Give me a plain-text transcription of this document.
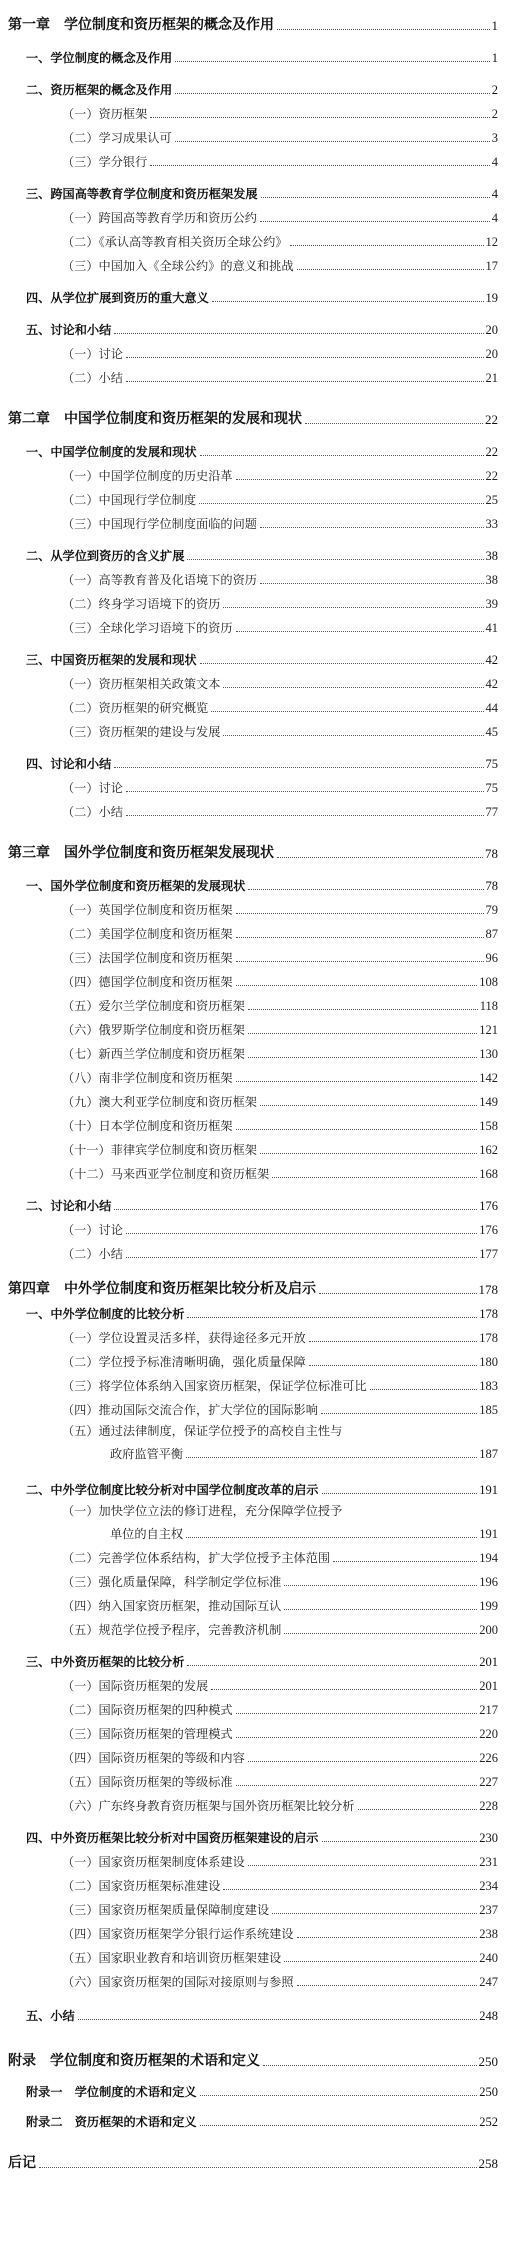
第一章　学位制度和资历框架的概念及作用	1
一、学位制度的概念及作用	1
二、资历框架的概念及作用	2
（一）资历框架	2
（二）学习成果认可	3
（三）学分银行	4
三、跨国高等教育学位制度和资历框架发展	4
（一）跨国高等教育学历和资历公约	4
（二）《承认高等教育相关资历全球公约》	12
（三）中国加入《全球公约》的意义和挑战	17
四、从学位扩展到资历的重大意义	19
五、讨论和小结	20
（一）讨论	20
（二）小结	21
第二章　中国学位制度和资历框架的发展和现状	22
一、中国学位制度的发展和现状	22
（一）中国学位制度的历史沿革	22
（二）中国现行学位制度	25
（三）中国现行学位制度面临的问题	33
二、从学位到资历的含义扩展	38
（一）高等教育普及化语境下的资历	38
（二）终身学习语境下的资历	39
（三）全球化学习语境下的资历	41
三、中国资历框架的发展和现状	42
（一）资历框架相关政策文本	42
（二）资历框架的研究概览	44
（三）资历框架的建设与发展	45
四、讨论和小结	75
（一）讨论	75
（二）小结	77
第三章　国外学位制度和资历框架发展现状	78
一、国外学位制度和资历框架的发展现状	78
（一）英国学位制度和资历框架	79
（二）美国学位制度和资历框架	87
（三）法国学位制度和资历框架	96
（四）德国学位制度和资历框架	108
（五）爱尔兰学位制度和资历框架	118
（六）俄罗斯学位制度和资历框架	121
（七）新西兰学位制度和资历框架	130
（八）南非学位制度和资历框架	142
（九）澳大利亚学位制度和资历框架	149
（十）日本学位制度和资历框架	158
（十一）菲律宾学位制度和资历框架	162
（十二）马来西亚学位制度和资历框架	168
二、讨论和小结	176
（一）讨论	176
（二）小结	177
第四章　中外学位制度和资历框架比较分析及启示	178
一、中外学位制度的比较分析	178
（一）学位设置灵活多样，获得途径多元开放	178
（二）学位授予标准清晰明确，强化质量保障	180
（三）将学位体系纳入国家资历框架，保证学位标准可比	183
（四）推动国际交流合作，扩大学位的国际影响	185
（五）通过法律制度，保证学位授予的高校自主性与
政府监管平衡	187
二、中外学位制度比较分析对中国学位制度改革的启示	191
（一）加快学位立法的修订进程，充分保障学位授予
单位的自主权	191
（二）完善学位体系结构，扩大学位授予主体范围	194
（三）强化质量保障，科学制定学位标准	196
（四）纳入国家资历框架，推动国际互认	199
（五）规范学位授予程序，完善教济机制	200
三、中外资历框架的比较分析	201
（一）国际资历框架的发展	201
（二）国际资历框架的四种模式	217
（三）国际资历框架的管理模式	220
（四）国际资历框架的等级和内容	226
（五）国际资历框架的等级标准	227
（六）广东终身教育资历框架与国外资历框架比较分析	228
四、中外资历框架比较分析对中国资历框架建设的启示	230
（一）国家资历框架制度体系建设	231
（二）国家资历框架标准建设	234
（三）国家资历框架质量保障制度建设	237
（四）国家资历框架学分银行运作系统建设	238
（五）国家职业教育和培训资历框架建设	240
（六）国家资历框架的国际对接原则与参照	247
五、小结	248
附录　学位制度和资历框架的术语和定义	250
附录一　学位制度的术语和定义	250
附录二　资历框架的术语和定义	252
后记	258
